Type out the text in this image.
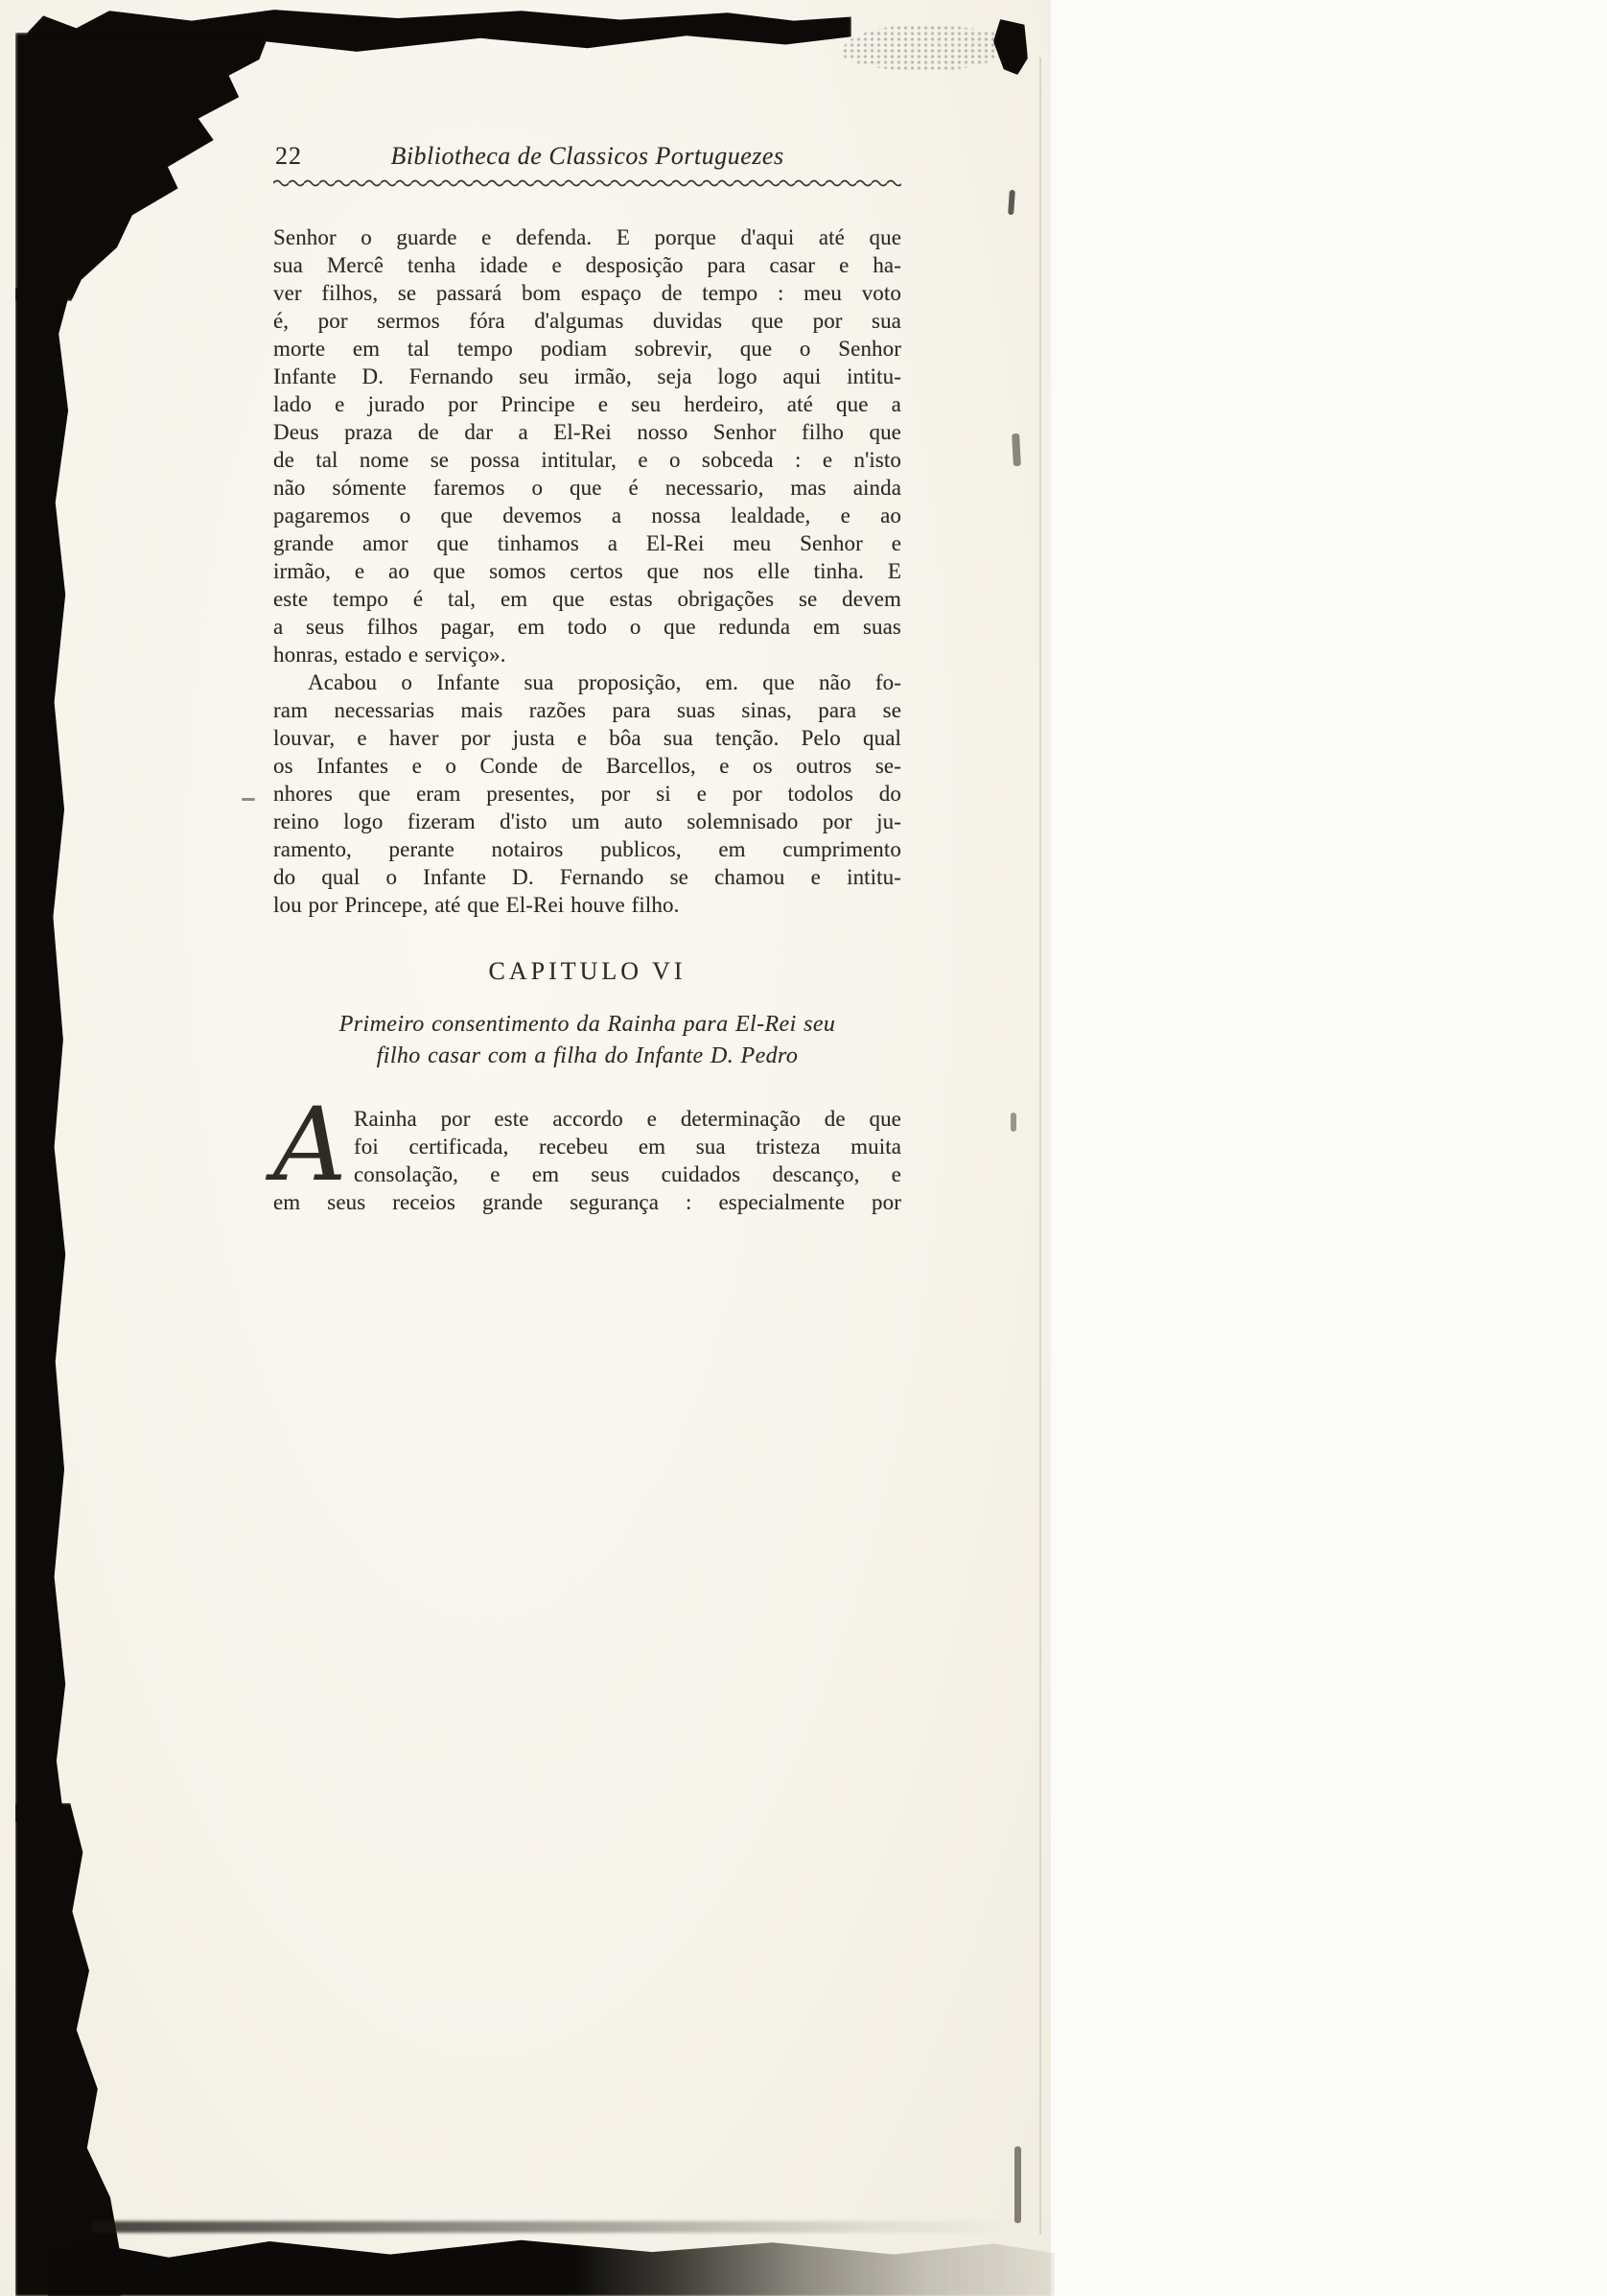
22	Bibliotheca de Classicos Portuguezes
Senhor o guarde e defenda. E porque d'aqui até que
sua Mercê tenha idade e desposição para casar e ha-
ver filhos, se passará bom espaço de tempo : meu voto
é, por sermos fóra d'algumas duvidas que por sua
morte em tal tempo podiam sobrevir, que o Senhor
Infante D. Fernando seu irmão, seja logo aqui intitu-
lado e jurado por Principe e seu herdeiro, até que a
Deus praza de dar a El-Rei nosso Senhor filho que
de tal nome se possa intitular, e o sobceda : e n'isto
não sómente faremos o que é necessario, mas ainda
pagaremos o que devemos a nossa lealdade, e ao
grande amor que tinhamos a El-Rei meu Senhor e
irmão, e ao que somos certos que nos elle tinha. E
este tempo é tal, em que estas obrigações se devem
a seus filhos pagar, em todo o que redunda em suas
honras, estado e serviço».
Acabou o Infante sua proposição, em. que não fo-
ram necessarias mais razões para suas sinas, para se
louvar, e haver por justa e bôa sua tenção. Pelo qual
os Infantes e o Conde de Barcellos, e os outros se-
nhores que eram presentes, por si e por todolos do
reino logo fizeram d'isto um auto solemnisado por ju-
ramento, perante notairos publicos, em cumprimento
do qual o Infante D. Fernando se chamou e intitu-
lou por Princepe, até que El-Rei houve filho.
CAPITULO VI
Primeiro consentimento da Rainha para El-Rei seu
filho casar com a filha do Infante D. Pedro
A Rainha por este accordo e determinação de que
foi certificada, recebeu em sua tristeza muita
consolação, e em seus cuidados descanço, e
em seus receios grande segurança : especialmente por
